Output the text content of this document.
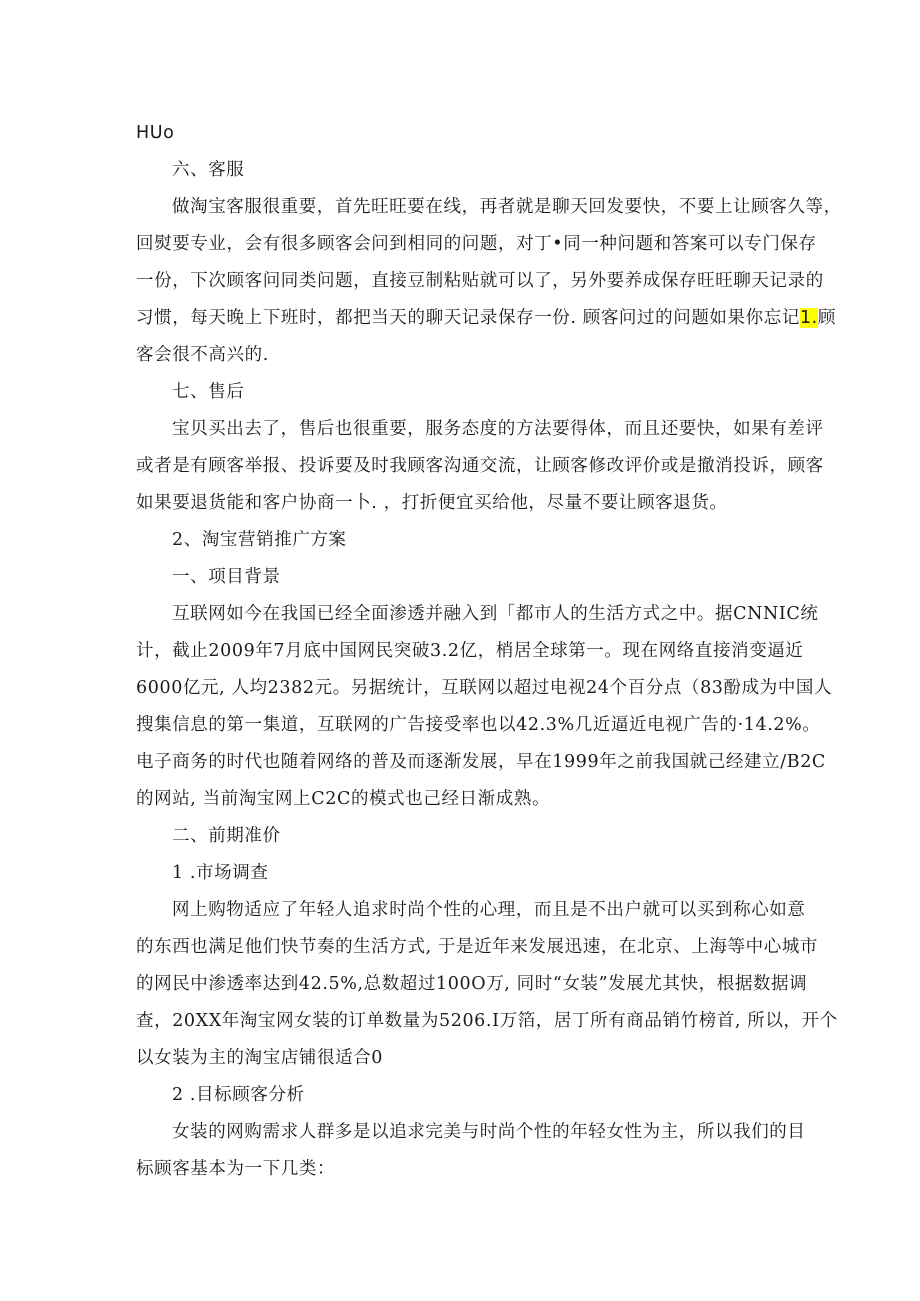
HUo
六、客服
做淘宝客服很重要，首先旺旺要在线，再者就是聊天回发要快，不要上让顾客久等，
回熨要专业，会有很多顾客会问到相同的问题，对丁•同一种问题和答案可以专门保存
一份，下次顾客问同类问题，直接豆制粘贴就可以了，另外要养成保存旺旺聊天记录的
习惯，每天晚上下班时，都把当天的聊天记录保存一份. 顾客问过的问题如果你忘记1.顾
客会很不高兴的.
七、售后
宝贝买出去了，售后也很重要，服务态度的方法要得体，而且还要快，如果有差评
或者是有顾客举报、投诉要及时我顾客沟通交流，让顾客修改评价或是撤消投诉，顾客
如果要退货能和客户协商一卜. ，打折便宜买给他，尽量不要让顾客退货。
2、淘宝营销推广方案
一、项目背景
互联网如今在我国已经全面渗透并融入到「都市人的生活方式之中。据CNNIC统
计，截止2009年7月底中国网民突破3.2亿，梢居全球第一。现在网络直接消变逼近
6000亿元, 人均2382元。另据统计，互联网以超过电视24个百分点（83酚成为中国人
搜集信息的第一集道，互联网的广告接受率也以42.3%几近逼近电视广告的·14.2%。
电子商务的时代也随着网络的普及而逐渐发展，早在1999年之前我国就己经建立/B2C
的网站, 当前淘宝网上C2C的模式也己经日渐成熟。
二、前期准价
1 .市场调查
网上购物适应了年轻人追求时尚个性的心理，而且是不出户就可以买到称心如意
的东西也满足他们快节奏的生活方式, 于是近年来发展迅速，在北京、上海等中心城市
的网民中渗透率达到42.5%,总数超过100O万, 同时“女装”发展尤其快，根据数据调
查，20XX年淘宝网女装的订单数量为5206.I万箔，居丁所有商品销竹榜首, 所以，开个
以女装为主的淘宝店铺很适合0
2 .目标顾客分析
女装的网购需求人群多是以追求完美与时尚个性的年轻女性为主，所以我们的目
标顾客基本为一下几类：
